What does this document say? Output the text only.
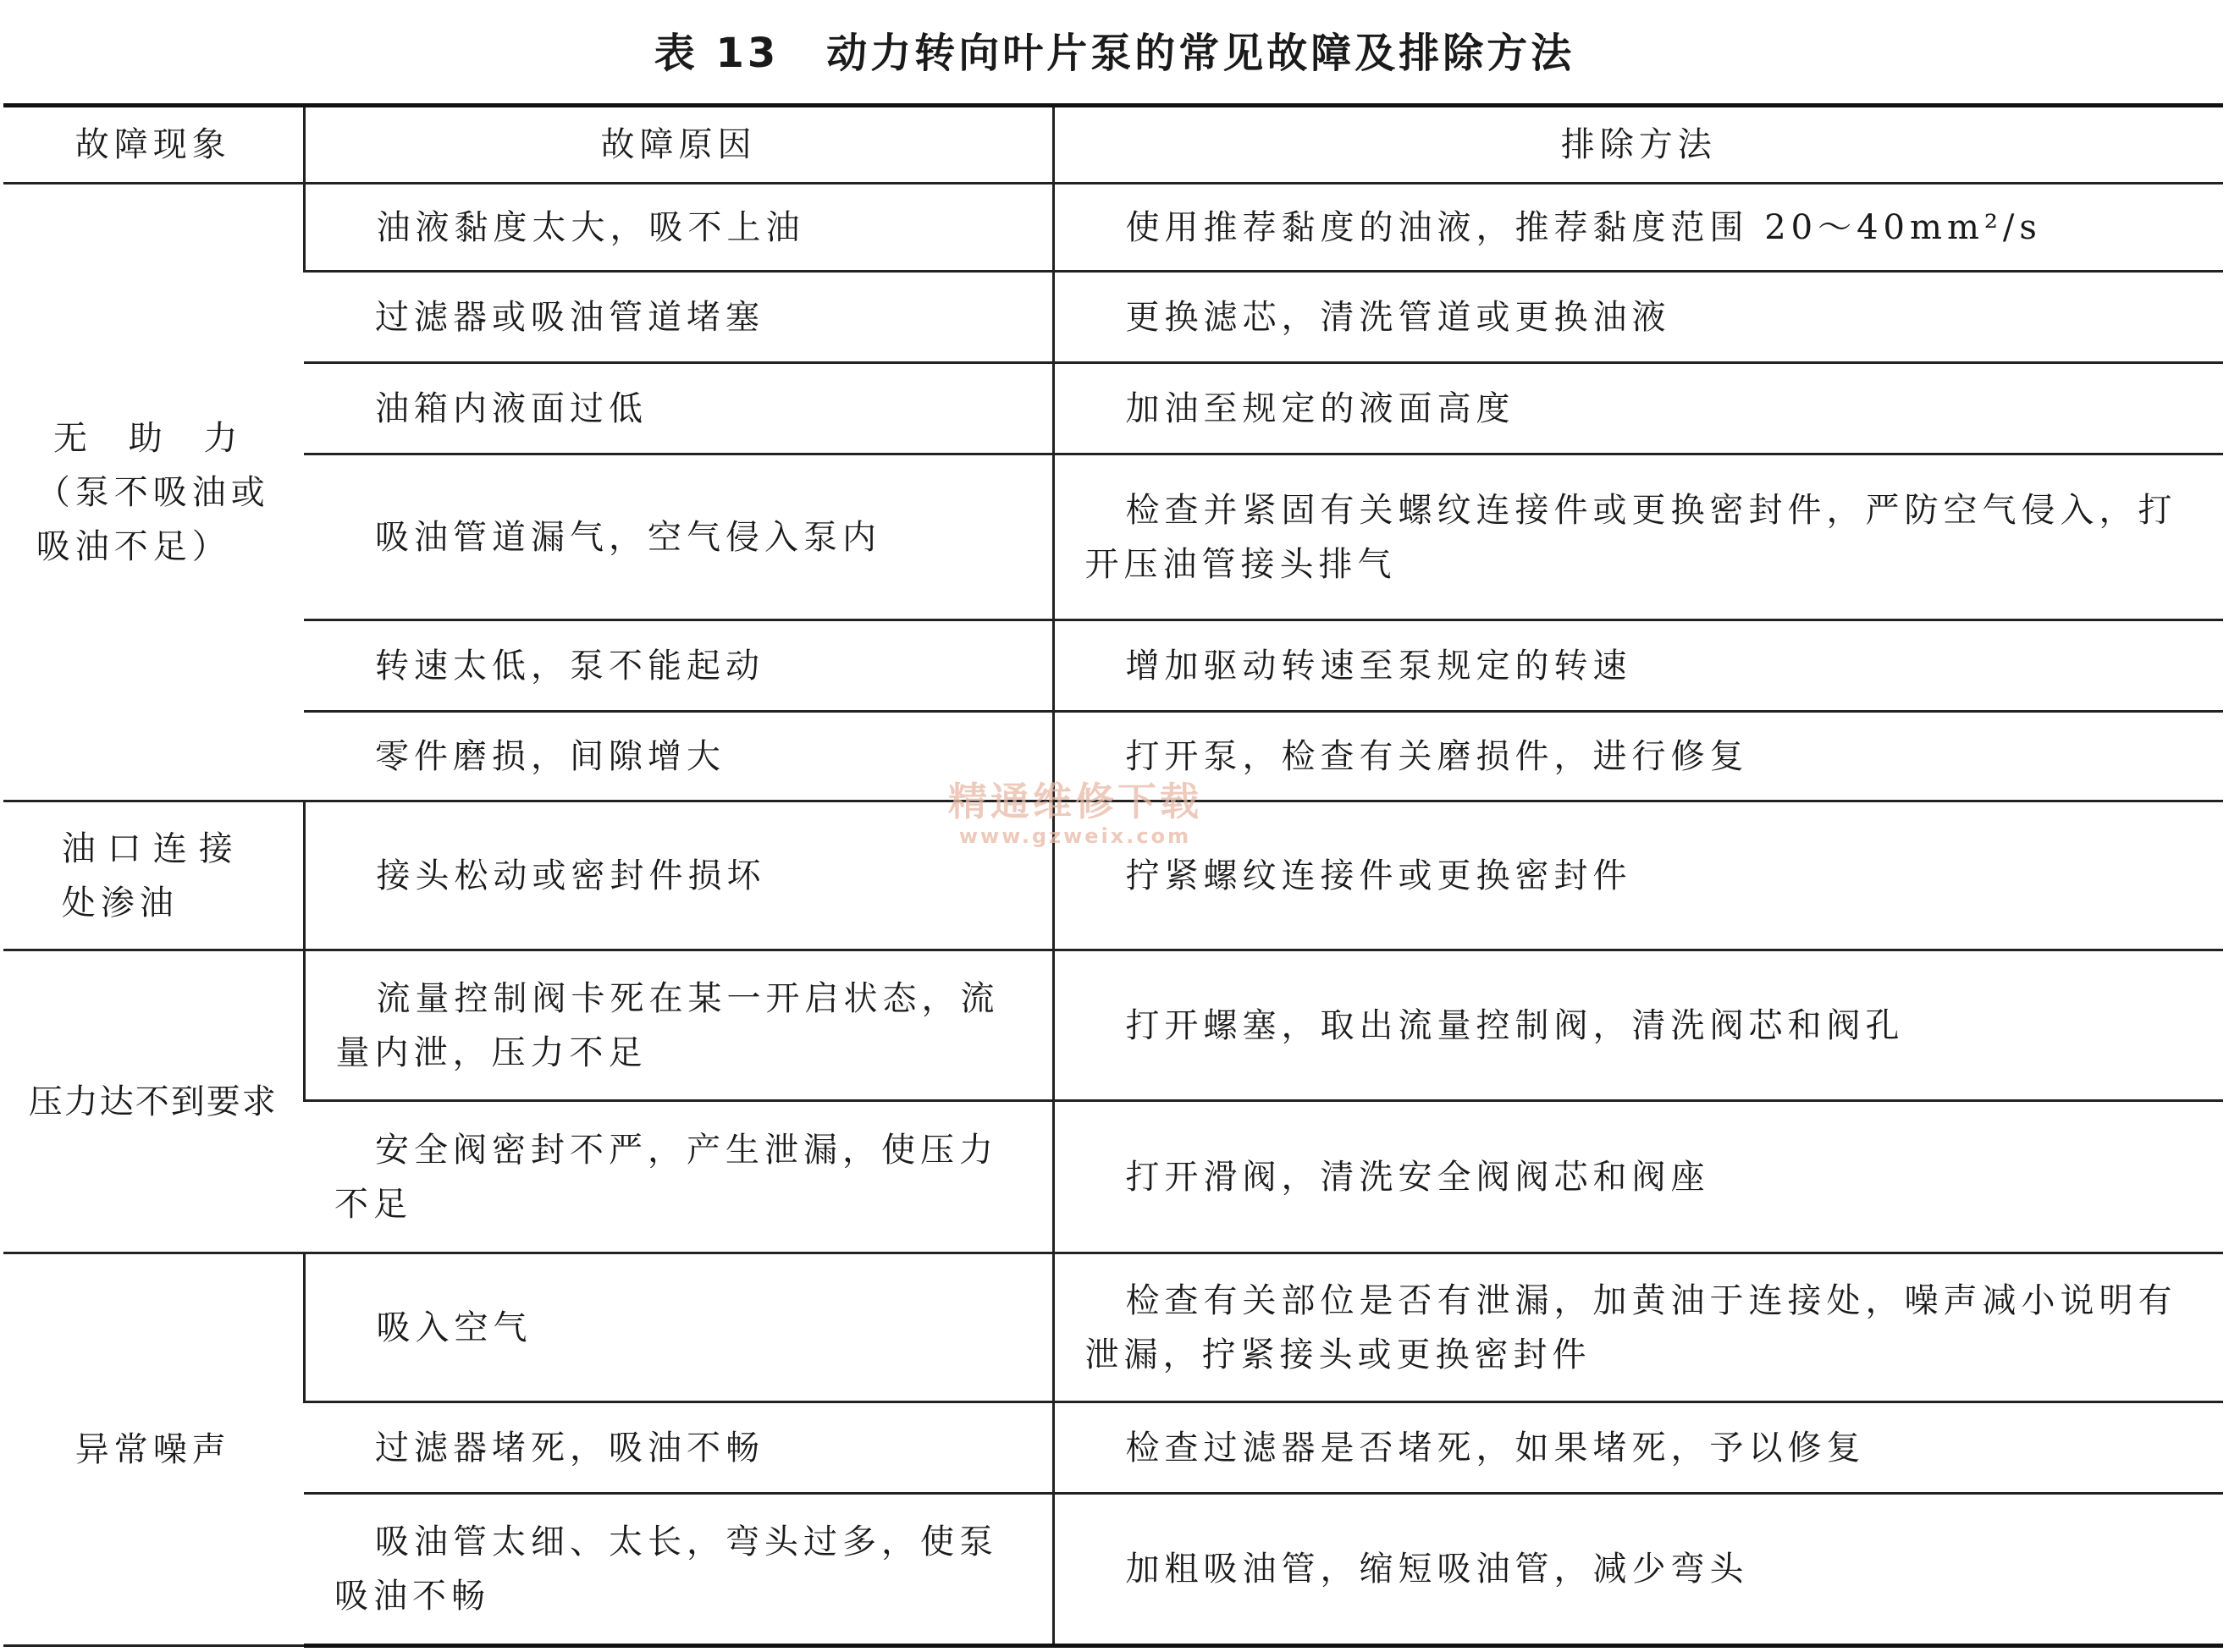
表 13 动力转向叶片泵的常见故障及排除方法
故障现象	故障原因	排除方法

无 助 力
（泵不吸油或
吸油不足）	油液黏度太大，吸不上油	使用推荐黏度的油液，推荐黏度范围 20～40mm²/s
	过滤器或吸油管道堵塞	更换滤芯，清洗管道或更换油液
	油箱内液面过低	加油至规定的液面高度
	吸油管道漏气，空气侵入泵内	检查并紧固有关螺纹连接件或更换密封件，严防空气侵入，打开压油管接头排气
	转速太低，泵不能起动	增加驱动转速至泵规定的转速
	零件磨损，间隙增大	打开泵，检查有关磨损件，进行修复

油口连接
处渗油	接头松动或密封件损坏	拧紧螺纹连接件或更换密封件

压力达不到要求	流量控制阀卡死在某一开启状态，流量内泄，压力不足	打开螺塞，取出流量控制阀，清洗阀芯和阀孔
	安全阀密封不严，产生泄漏，使压力不足	打开滑阀，清洗安全阀阀芯和阀座

异常噪声	吸入空气	检查有关部位是否有泄漏，加黄油于连接处，噪声减小说明有泄漏，拧紧接头或更换密封件
	过滤器堵死，吸油不畅	检查过滤器是否堵死，如果堵死，予以修复
	吸油管太细、太长，弯头过多，使泵吸油不畅	加粗吸油管，缩短吸油管，减少弯头
精通维修下载
www.gzweix.com
